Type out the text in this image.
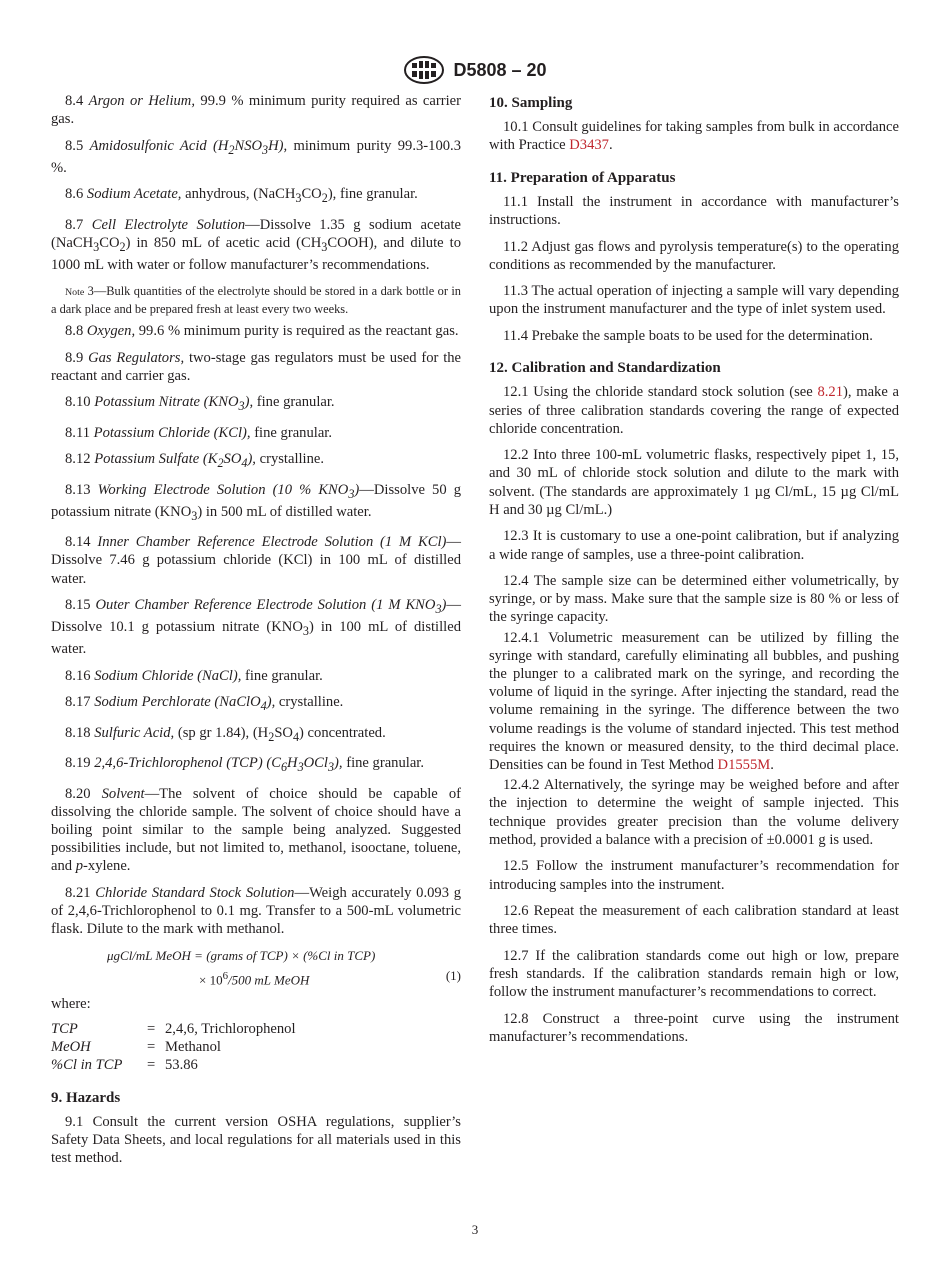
D5808 – 20

8.4 Argon or Helium, 99.9 % minimum purity required as carrier gas.

8.5 Amidosulfonic Acid $(H_2NSO_3H)$, minimum purity 99.3-100.3 %.

8.6 Sodium Acetate, anhydrous, $(NaCH_3CO_2)$, fine granular.

8.7 Cell Electrolyte Solution—Dissolve 1.35 g sodium acetate $(NaCH_3CO_2)$ in 850 mL of acetic acid $(CH_3COOH)$, and dilute to 1000 mL with water or follow manufacturer’s recommendations.

Note 3—Bulk quantities of the electrolyte should be stored in a dark bottle or in a dark place and be prepared fresh at least every two weeks.

8.8 Oxygen, 99.6 % minimum purity is required as the reactant gas.

8.9 Gas Regulators, two-stage gas regulators must be used for the reactant and carrier gas.

8.10 Potassium Nitrate $(KNO_3)$, fine granular.

8.11 Potassium Chloride (KCl), fine granular.

8.12 Potassium Sulfate $(K_2SO_4)$, crystalline.

8.13 Working Electrode Solution (10 % $KNO_3)—Dissolve$ 50 g potassium nitrate $(KNO_3)$ in 500 mL of distilled water.

8.14 Inner Chamber Reference Electrode Solution (1 M KCl)—Dissolve 7.46 g potassium chloride (KCl) in 100 mL of distilled water.

8.15 Outer Chamber Reference Electrode Solution (1 M $KNO_3)—Dissolve$ 10.1 g potassium nitrate $(KNO_3)$ in 100 mL of distilled water.

8.16 Sodium Chloride (NaCl), fine granular.

8.17 Sodium Perchlorate (NaClO$_4$), crystalline.

8.18 Sulfuric Acid, (sp gr 1.84), $(H_2SO_4)$ concentrated.

8.19 2,4,6-Trichlorophenol (TCP) $(C_6H_3OCl_3)$, fine granular.

8.20 Solvent—The solvent of choice should be capable of dissolving the chloride sample. The solvent of choice should have a boiling point similar to the sample being analyzed. Suggested possibilities include, but not limited to, methanol, isooctane, toluene, and p-xylene.

8.21 Chloride Standard Stock Solution—Weigh accurately 0.093 g of 2,4,6-Trichlorophenol to 0.1 mg. Transfer to a 500-mL volumetric flask. Dilute to the mark with methanol.

μgCl/mL MeOH = (grams of TCP) × (%Cl in TCP)
× $10^6/500$ mL MeOH	(1)

where:

TCP	=	2,4,6, Trichlorophenol
MeOH	=	Methanol
%Cl in TCP	=	53.86
9. Hazards

9.1 Consult the current version OSHA regulations, supplier’s Safety Data Sheets, and local regulations for all materials used in this test method.

10. Sampling

10.1 Consult guidelines for taking samples from bulk in accordance with Practice D3437.

11. Preparation of Apparatus

11.1 Install the instrument in accordance with manufacturer’s instructions.

11.2 Adjust gas flows and pyrolysis temperature(s) to the operating conditions as recommended by the manufacturer.

11.3 The actual operation of injecting a sample will vary depending upon the instrument manufacturer and the type of inlet system used.

11.4 Prebake the sample boats to be used for the determination.

12. Calibration and Standardization

12.1 Using the chloride standard stock solution (see 8.21), make a series of three calibration standards covering the range of expected chloride concentration.

12.2 Into three 100-mL volumetric flasks, respectively pipet 1, 15, and 30 mL of chloride stock solution and dilute to the mark with solvent. (The standards are approximately 1 µg Cl/mL, 15 µg Cl/mL H and 30 µg Cl/mL.)

12.3 It is customary to use a one-point calibration, but if analyzing a wide range of samples, use a three-point calibration.

12.4 The sample size can be determined either volumetrically, by syringe, or by mass. Make sure that the sample size is 80 % or less of the syringe capacity.

12.4.1 Volumetric measurement can be utilized by filling the syringe with standard, carefully eliminating all bubbles, and pushing the plunger to a calibrated mark on the syringe, and recording the volume of liquid in the syringe. After injecting the standard, read the volume remaining in the syringe. The difference between the two volume readings is the volume of standard injected. This test method requires the known or measured density, to the third decimal place. Densities can be found in Test Method D1555M.

12.4.2 Alternatively, the syringe may be weighed before and after the injection to determine the weight of sample injected. This technique provides greater precision than the volume delivery method, provided a balance with a precision of ±0.0001 g is used.

12.5 Follow the instrument manufacturer’s recommendation for introducing samples into the instrument.

12.6 Repeat the measurement of each calibration standard at least three times.

12.7 If the calibration standards come out high or low, prepare fresh standards. If the calibration standards remain high or low, follow the instrument manufacturer’s recommendations to correct.

12.8 Construct a three-point curve using the instrument manufacturer’s recommendations.

3
